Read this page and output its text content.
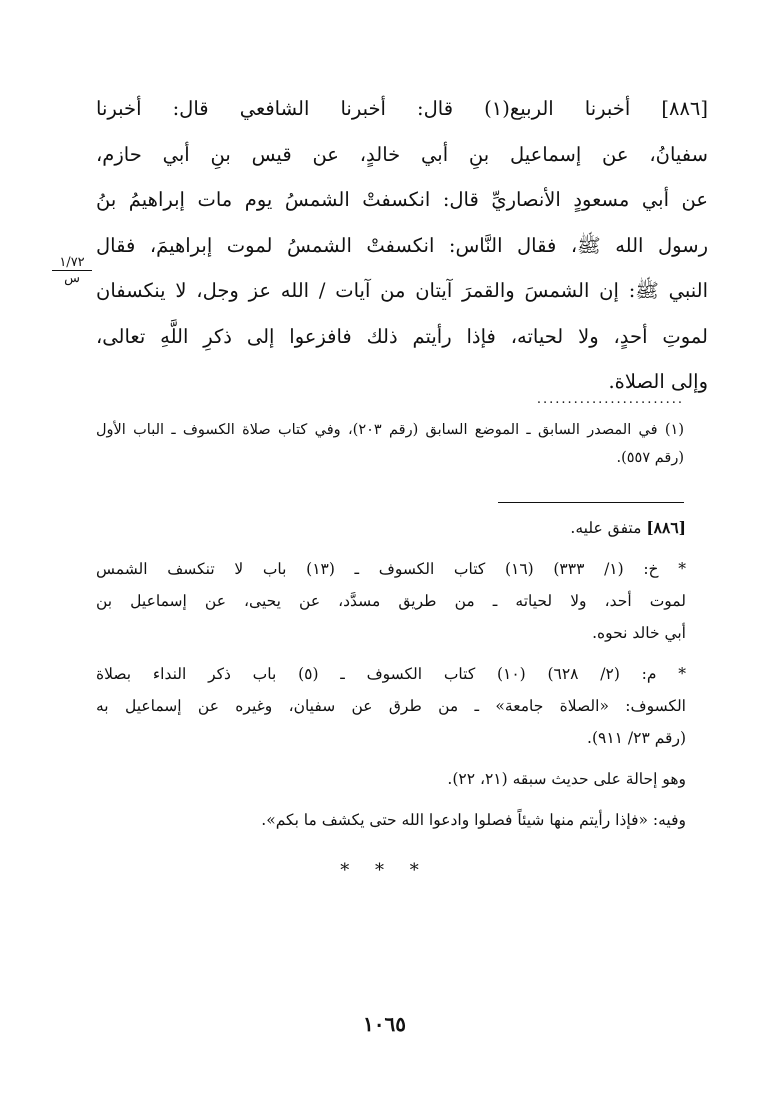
[٨٨٦] أخبرنا الربيع(١) قال: أخبرنا الشافعي قال: أخبرنا
سفيانُ، عن إسماعيل بنِ أبي خالدٍ، عن قيس بنِ أبي حازم،
عن أبي مسعودٍ الأنصاريِّ قال: انكسفتْ الشمسُ يوم مات إبراهيمُ بنُ
رسول الله ﷺ، فقال النَّاس: انكسفتْ الشمسُ لموت إبراهيمَ، فقال
النبي ﷺ: إن الشمسَ والقمرَ آيتان من آيات / الله عز وجل، لا ينكسفان
لموتِ أحدٍ، ولا لحياته، فإذا رأيتم ذلك فافزعوا إلى ذكرِ اللَّهِ تعالى،
وإلى الصلاة.
١/٧٢
س
........................
(١) في المصدر السابق ـ الموضع السابق (رقم ٢٠٣)، وفي كتاب صلاة الكسوف ـ الباب الأول
(رقم ٥٥٧).
[٨٨٦] متفق عليه.
* خ: (١/ ٣٣٣) (١٦) كتاب الكسوف ـ (١٣) باب لا تنكسف الشمس
لموت أحد، ولا لحياته ـ من طريق مسدَّد، عن يحيى، عن إسماعيل بن
أبي خالد نحوه.
* م: (٢/ ٦٢٨) (١٠) كتاب الكسوف ـ (٥) باب ذكر النداء بصلاة
الكسوف: «الصلاة جامعة» ـ من طرق عن سفيان، وغيره عن إسماعيل به
(رقم ٢٣/ ٩١١).
وهو إحالة على حديث سبقه (٢١، ٢٢).
وفيه: «فإذا رأيتم منها شيئاً فصلوا وادعوا الله حتى يكشف ما بكم».
* * *
١٠٦٥
